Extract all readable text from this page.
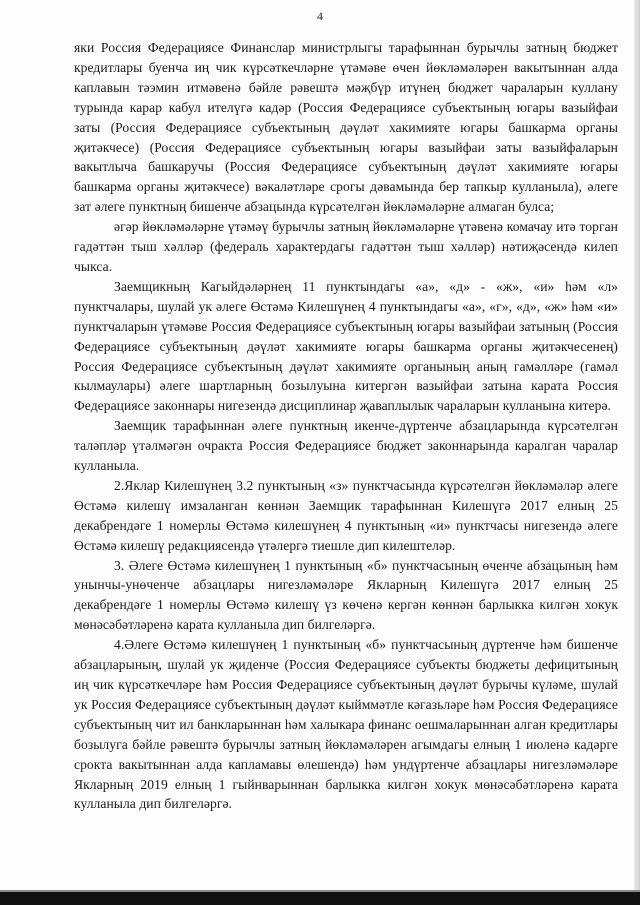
4

яки Россия Федерациясе Финанслар министрлыгы тарафыннан бурычлы затның бюджет кредитлары буенча иң чик күрсәткечләрне үтәмәве өчен йөкләмәләрен вакытыннан алда каплавын тәэмин итмәвенә бәйле рәвештә мәҗбүр итүнең бюджет чараларын куллану турында карар кабул ителүгә кадәр (Россия Федерациясе субъектының югары вазыйфаи заты (Россия Федерациясе субъектының дәүләт хакимияте югары башкарма органы җитәкчесе) (Россия Федерациясе субъектының югары вазыйфаи заты вазыйфаларын вакытлыча башкаручы (Россия Федерациясе субъектының дәүләт хакимияте югары башкарма органы җитәкчесе) вәкаләтләре срогы дәвамында бер тапкыр кулланыла), әлеге зат әлеге пунктның бишенче абзацында күрсәтелгән йөкләмәләрне алмаган булса;

әгәр йөкләмәләрне үтәмәү бурычлы затның йөкләмәләрне үтәвенә комачау итә торган гадәттән тыш хәлләр (федераль характердагы гадәттән тыш хәлләр) нәтиҗәсендә килеп чыкса.

Заемщикның Кагыйдәләрнең 11 пунктындагы «а», «д» - «ж», «и» һәм «л» пунктчалары, шулай ук әлеге Өстәмә Килешүнең 4 пунктындагы «а», «г», «д», «ж» һәм «и» пунктчаларын үтәмәве Россия Федерациясе субъектының югары вазыйфаи затының (Россия Федерациясе субъектының дәүләт хакимияте югары башкарма органы җитәкчесенең) Россия Федерациясе субъектының дәүләт хакимияте органының аның гамәлләре (гамәл кылмаулары) әлеге шартларның бозылуына китергән вазыйфаи затына карата Россия Федерациясе законнары нигезендә дисциплинар җаваплылык чараларын кулланына китерә.

Заемщик тарафыннан әлеге пунктның икенче-дүртенче абзацларында күрсәтелгән таләпләр үтәлмәгән очракта Россия Федерациясе бюджет законнарында каралган чаралар кулланыла.

2.Яклар Килешүнең 3.2 пунктының «з» пунктчасында күрсәтелгән йөкләмәләр әлеге Өстәмә килешү имзаланган көннән Заемщик тарафыннан Килешүгә 2017 елның 25 декабрендәге 1 номерлы Өстәмә килешүнең 4 пунктының «и» пунктчасы нигезендә әлеге Өстәмә килешү редакциясендә үтәлергә тиешле дип килештеләр.

3. Әлеге Өстәмә килешүнең 1 пунктының «б» пунктчасының өченче абзацының һәм унынчы-унөченче абзацлары нигезләмәләре Якларның Килешүгә 2017 елның 25 декабрендәге 1 номерлы Өстәмә килешү үз көченә кергән көннән барлыкка килгән хокук мөнәсәбәтләренә карата кулланыла дип билгеләргә.

4.Әлеге Өстәмә килешүнең 1 пунктының «б» пунктчасының дүртенче һәм бишенче абзацларының, шулай ук җиденче (Россия Федерациясе субъекты бюджеты дефицитының иң чик күрсәткечләре һәм Россия Федерациясе субъектының дәүләт бурычы күләме, шулай ук Россия Федерациясе субъектының дәүләт кыйммәтле кәгазьләре һәм Россия Федерациясе субъектының чит ил банкларыннан һәм халыкара финанс оешмаларыннан алган кредитлары бозылуга бәйле рәвештә бурычлы затның йөкләмәләрен агымдагы елның 1 июленә кадәрге срокта вакытыннан алда капламавы өлешендә) һәм ундүртенче абзацлары нигезләмәләре Якларның 2019 елның 1 гыйнварыннан барлыкка килгән хокук мөнәсәбәтләренә карата кулланыла дип билгеләргә.
